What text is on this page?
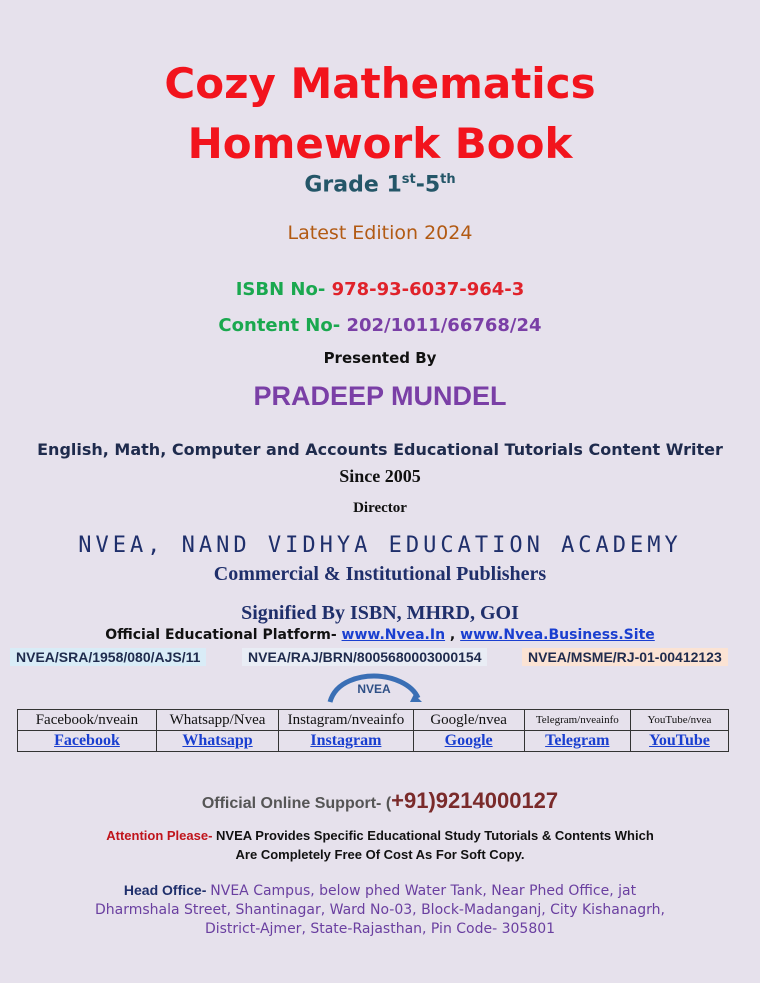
Cozy Mathematics
Homework Book
Grade 1st-5th
Latest Edition 2024
ISBN No- 978-93-6037-964-3
Content No- 202/1011/66768/24
Presented By
PRADEEP MUNDEL
English, Math, Computer and Accounts Educational Tutorials Content Writer
Since 2005
Director
NVEA, NAND VIDHYA EDUCATION ACADEMY
Commercial & Institutional Publishers
Signified By ISBN, MHRD, GOI
Official Educational Platform- www.Nvea.In , www.Nvea.Business.Site
NVEA/SRA/1958/080/AJS/11	NVEA/RAJ/BRN/8005680003000154	NVEA/MSME/RJ-01-00412123
NVEA
Facebook/nveain	Whatsapp/Nvea	Instagram/nveainfo	Google/nvea	Telegram/nveainfo	YouTube/nvea
Facebook	Whatsapp	Instagram	Google	Telegram	YouTube
Official Online Support- (+91)9214000127
Attention Please- NVEA Provides Specific Educational Study Tutorials & Contents Which Are Completely Free Of Cost As For Soft Copy.
Head Office- NVEA Campus, below phed Water Tank, Near Phed Office, jat Dharmshala Street, Shantinagar, Ward No-03, Block-Madanganj, City Kishanagrh, District-Ajmer, State-Rajasthan, Pin Code- 305801
